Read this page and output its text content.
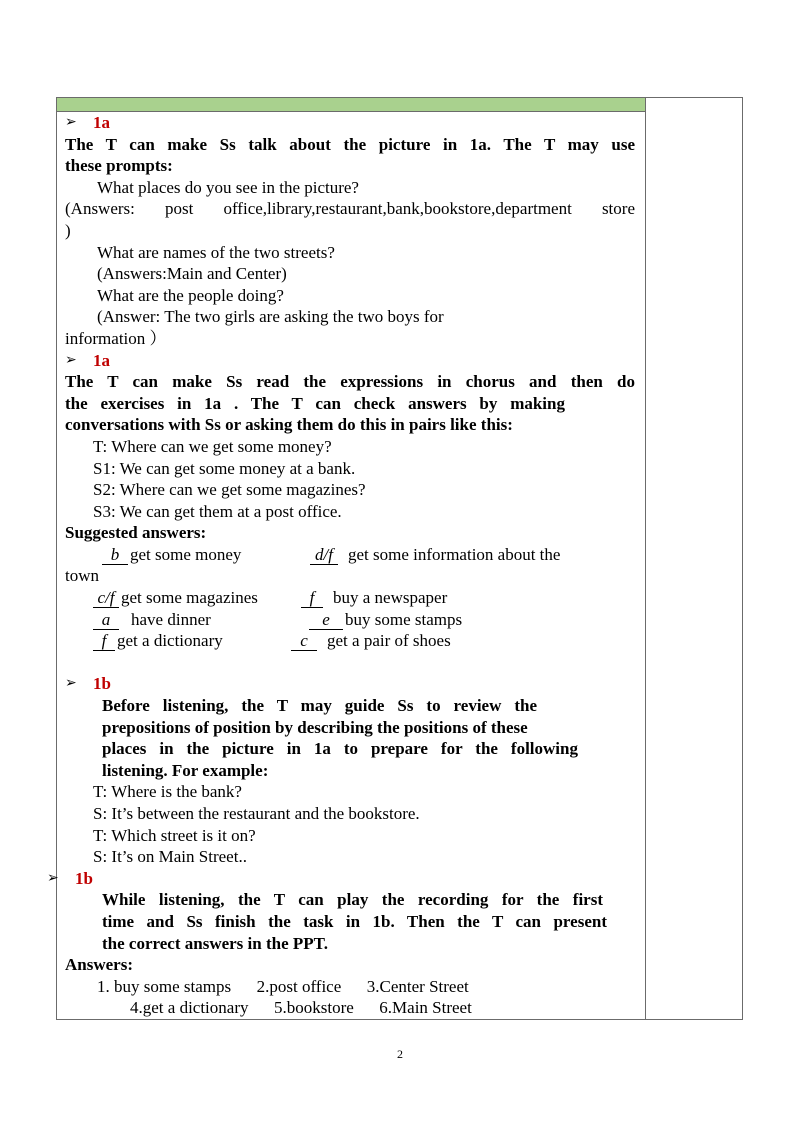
➢ 1a
The T can make Ss talk about the picture in 1a. The T may use
these prompts:
What places do you see in the picture?
(Answers: post office,library,restaurant,bank,bookstore,department store
)
What are names of the two streets?
(Answers:Main and Center)
What are the people doing?
(Answer: The two girls are asking the two boys for
information ）
➢ 1a
The T can make Ss read the expressions in chorus and then do
the exercises in 1a . The T can check answers by making
conversations with Ss or asking them do this in pairs like this:
T: Where can we get some money?
S1: We can get some money at a bank.
S2: Where can we get some magazines?
S3: We can get them at a post office.
Suggested answers:
b get some money	d/f get some information about the
town
c/f get some magazines	f buy a newspaper
a have dinner	e buy some stamps
f get a dictionary	c get a pair of shoes
➢ 1b
Before listening, the T may guide Ss to review the
prepositions of position by describing the positions of these
places in the picture in 1a to prepare for the following
listening. For example:
T: Where is the bank?
S: It’s between the restaurant and the bookstore.
T: Which street is it on?
S: It’s on Main Street..
➢ 1b
While listening, the T can play the recording for the first
time and Ss finish the task in 1b. Then the T can present
the correct answers in the PPT.
Answers:
1. buy some stamps      2.post office      3.Center Street
4.get a dictionary      5.bookstore      6.Main Street
2
